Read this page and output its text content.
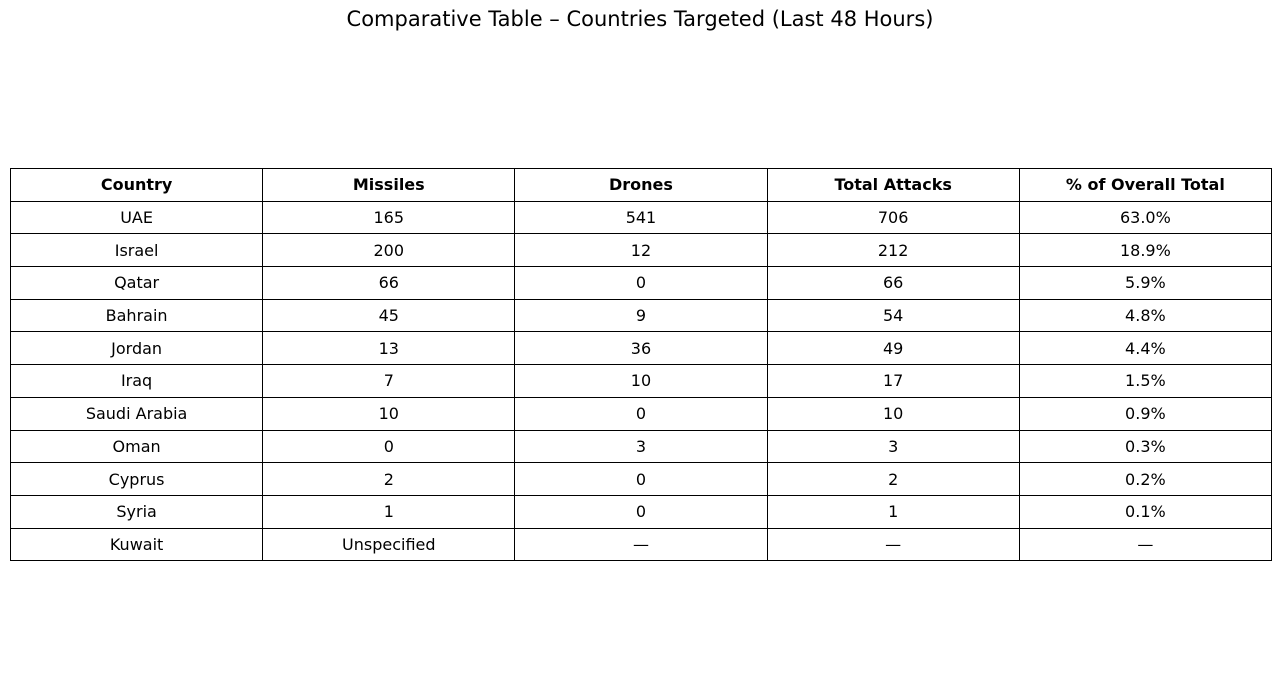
Comparative Table – Countries Targeted (Last 48 Hours)
Country	Missiles	Drones	Total Attacks	% of Overall Total
UAE	165	541	706	63.0%
Israel	200	12	212	18.9%
Qatar	66	0	66	5.9%
Bahrain	45	9	54	4.8%
Jordan	13	36	49	4.4%
Iraq	7	10	17	1.5%
Saudi Arabia	10	0	10	0.9%
Oman	0	3	3	0.3%
Cyprus	2	0	2	0.2%
Syria	1	0	1	0.1%
Kuwait	Unspecified	—	—	—
